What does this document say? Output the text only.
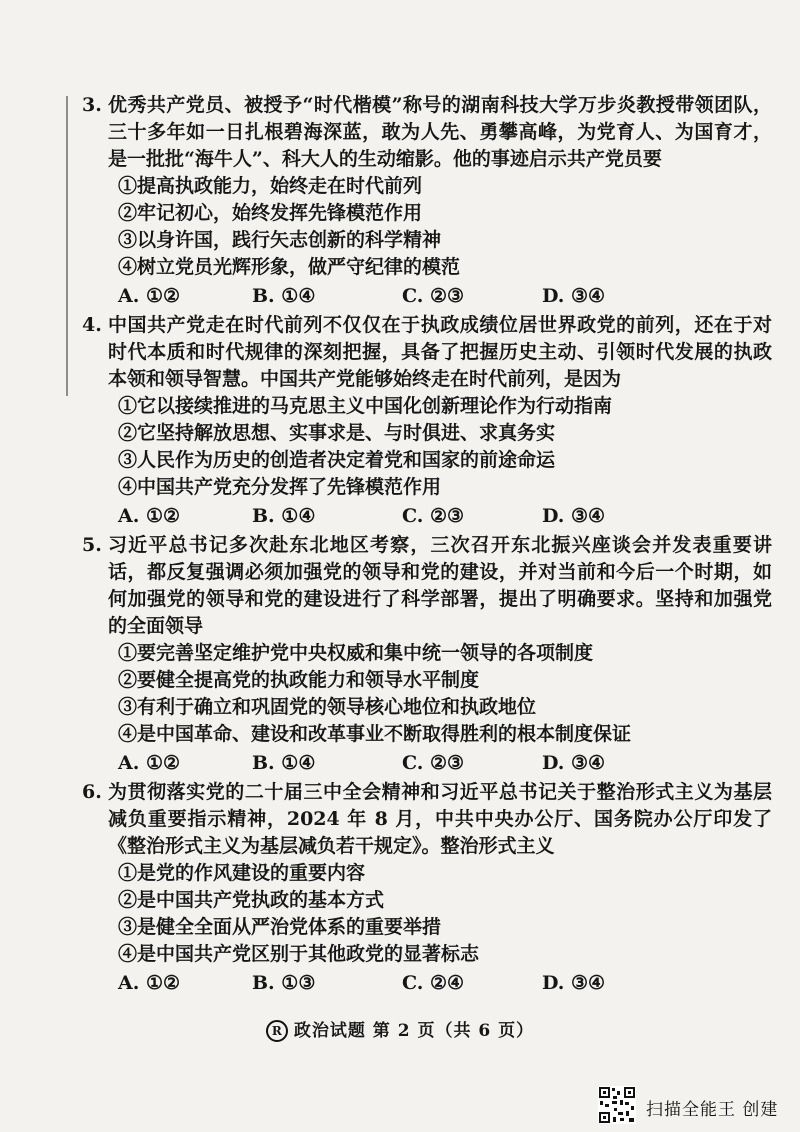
3. 优秀共产党员、被授予“时代楷模”称号的湖南科技大学万步炎教授带领团队，三十多年如一日扎根碧海深蓝，敢为人先、勇攀高峰，为党育人、为国育才，是一批批“海牛人”、科大人的生动缩影。他的事迹启示共产党员要

①提高执政能力，始终走在时代前列

②牢记初心，始终发挥先锋模范作用

③以身许国，践行矢志创新的科学精神

④树立党员光辉形象，做严守纪律的模范

A. ①②	B. ①④	C. ②③	D. ③④

4. 中国共产党走在时代前列不仅仅在于执政成绩位居世界政党的前列，还在于对时代本质和时代规律的深刻把握，具备了把握历史主动、引领时代发展的执政本领和领导智慧。中国共产党能够始终走在时代前列，是因为

①它以接续推进的马克思主义中国化创新理论作为行动指南

②它坚持解放思想、实事求是、与时俱进、求真务实

③人民作为历史的创造者决定着党和国家的前途命运

④中国共产党充分发挥了先锋模范作用

A. ①②	B. ①④	C. ②③	D. ③④

5. 习近平总书记多次赴东北地区考察，三次召开东北振兴座谈会并发表重要讲话，都反复强调必须加强党的领导和党的建设，并对当前和今后一个时期，如何加强党的领导和党的建设进行了科学部署，提出了明确要求。坚持和加强党的全面领导

①要完善坚定维护党中央权威和集中统一领导的各项制度

②要健全提高党的执政能力和领导水平制度

③有利于确立和巩固党的领导核心地位和执政地位

④是中国革命、建设和改革事业不断取得胜利的根本制度保证

A. ①②	B. ①④	C. ②③	D. ③④

6. 为贯彻落实党的二十届三中全会精神和习近平总书记关于整治形式主义为基层减负重要指示精神，2024 年 8 月，中共中央办公厅、国务院办公厅印发了《整治形式主义为基层减负若干规定》。整治形式主义

①是党的作风建设的重要内容

②是中国共产党执政的基本方式

③是健全全面从严治党体系的重要举措

④是中国共产党区别于其他政党的显著标志

A. ①②	B. ①③	C. ②④	D. ③④
R 政治试题 第 2 页（共 6 页）
扫描全能王 创建
